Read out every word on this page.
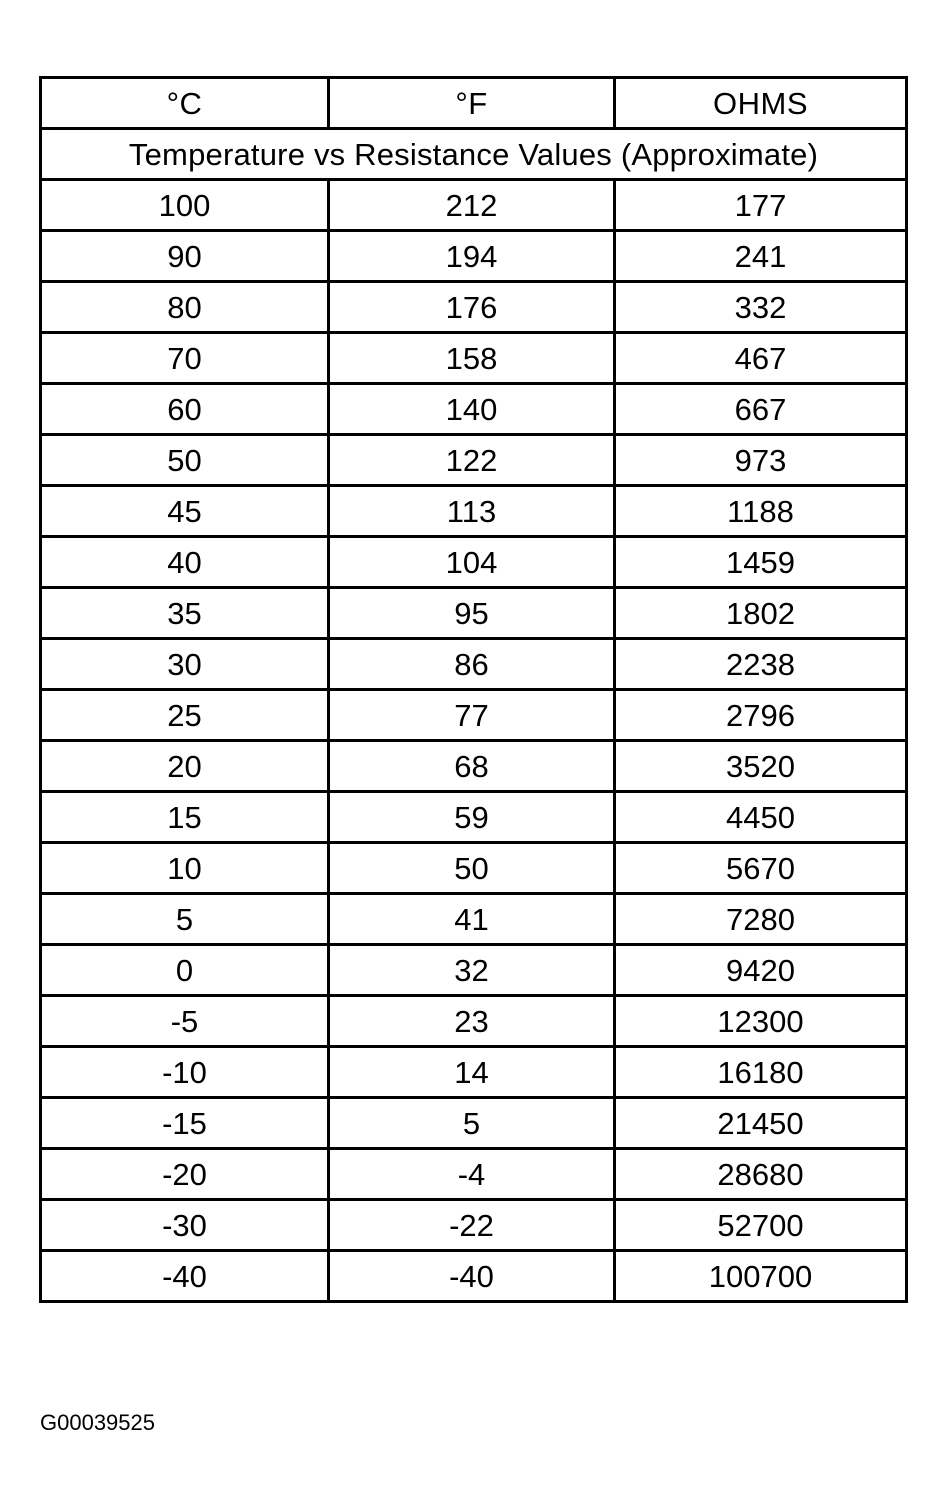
°C	°F	OHMS
Temperature vs Resistance Values (Approximate)		
100	212	177
90	194	241
80	176	332
70	158	467
60	140	667
50	122	973
45	113	1188
40	104	1459
35	95	1802
30	86	2238
25	77	2796
20	68	3520
15	59	4450
10	50	5670
5	41	7280
0	32	9420
-5	23	12300
-10	14	16180
-15	5	21450
-20	-4	28680
-30	-22	52700
-40	-40	100700
G00039525
